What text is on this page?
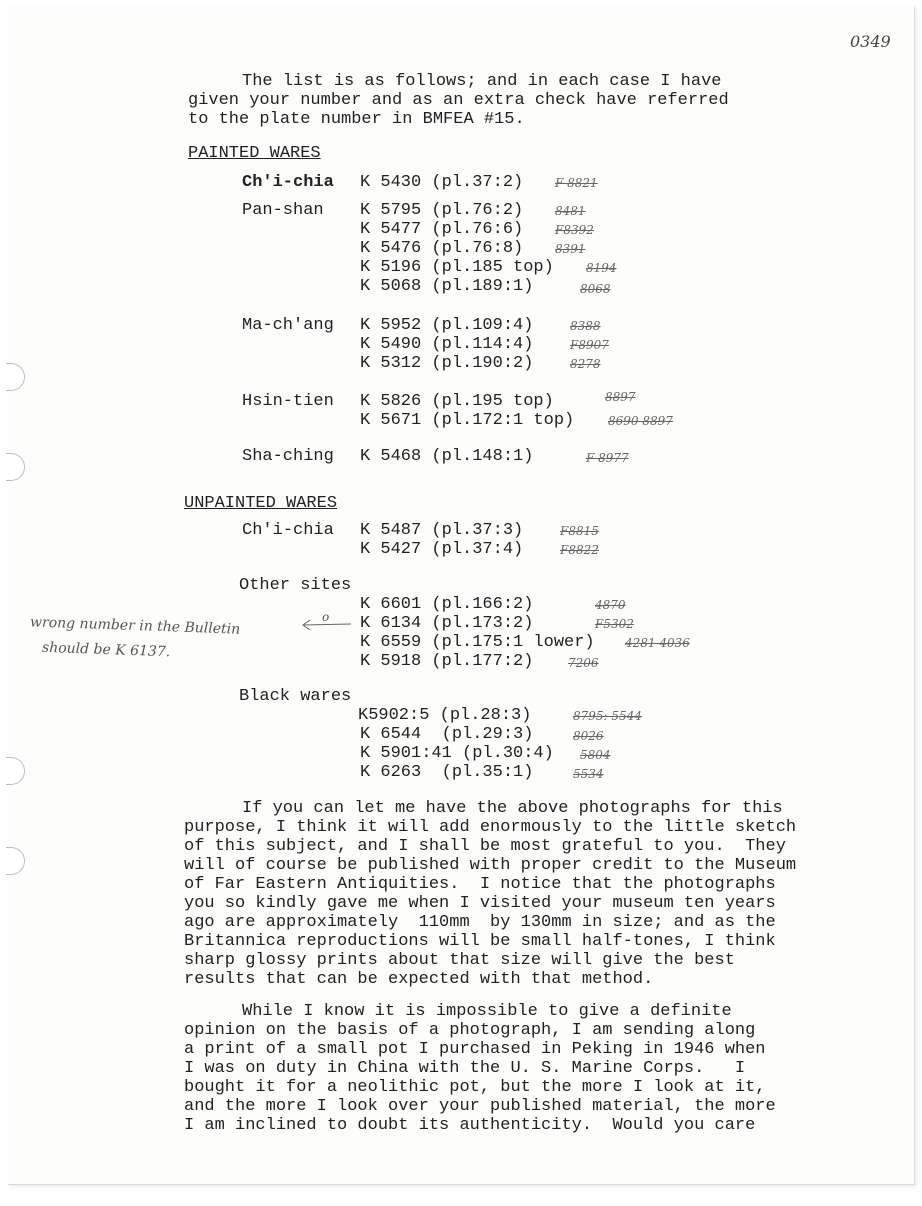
0349
The list is as follows; and in each case I have
given your number and as an extra check have referred
to the plate number in BMFEA #15.
PAINTED WARES
Ch'i-chia K 5430 (pl.37:2)	F 8821
Pan-shan K 5795 (pl.76:2)	8481
K 5477 (pl.76:6)	F8392
K 5476 (pl.76:8)	8391
K 5196 (pl.185 top)	8194
K 5068 (pl.189:1)	8068
Ma-ch'ang K 5952 (pl.109:4)	8388
K 5490 (pl.114:4)	F8907
K 5312 (pl.190:2)	8278
Hsin-tien K 5826 (pl.195 top)	8897
K 5671 (pl.172:1 top)	8690 8897
Sha-ching K 5468 (pl.148:1)	F 8977
UNPAINTED WARES
Ch'i-chia K 5487 (pl.37:3)	F8815
K 5427 (pl.37:4)	F8822
Other sites
K 6601 (pl.166:2)	4870
K 6134 (pl.173:2)	F5302
K 6559 (pl.175:1 lower)	4281 4036
K 5918 (pl.177:2)	7206
Black wares
K5902:5 (pl.28:3)	8795: 5544
K 6544  (pl.29:3)	8026
K 5901:41 (pl.30:4) 5804
K 6263  (pl.35:1)	5534
wrong number in the Bulletin
should be K 6137.
o
If you can let me have the above photographs for this
purpose, I think it will add enormously to the little sketch
of this subject, and I shall be most grateful to you.  They
will of course be published with proper credit to the Museum
of Far Eastern Antiquities.  I notice that the photographs
you so kindly gave me when I visited your museum ten years
ago are approximately  110mm  by 130mm in size; and as the
Britannica reproductions will be small half-tones, I think
sharp glossy prints about that size will give the best
results that can be expected with that method.
While I know it is impossible to give a definite
opinion on the basis of a photograph, I am sending along
a print of a small pot I purchased in Peking in 1946 when
I was on duty in China with the U. S. Marine Corps.   I
bought it for a neolithic pot, but the more I look at it,
and the more I look over your published material, the more
I am inclined to doubt its authenticity.  Would you care
